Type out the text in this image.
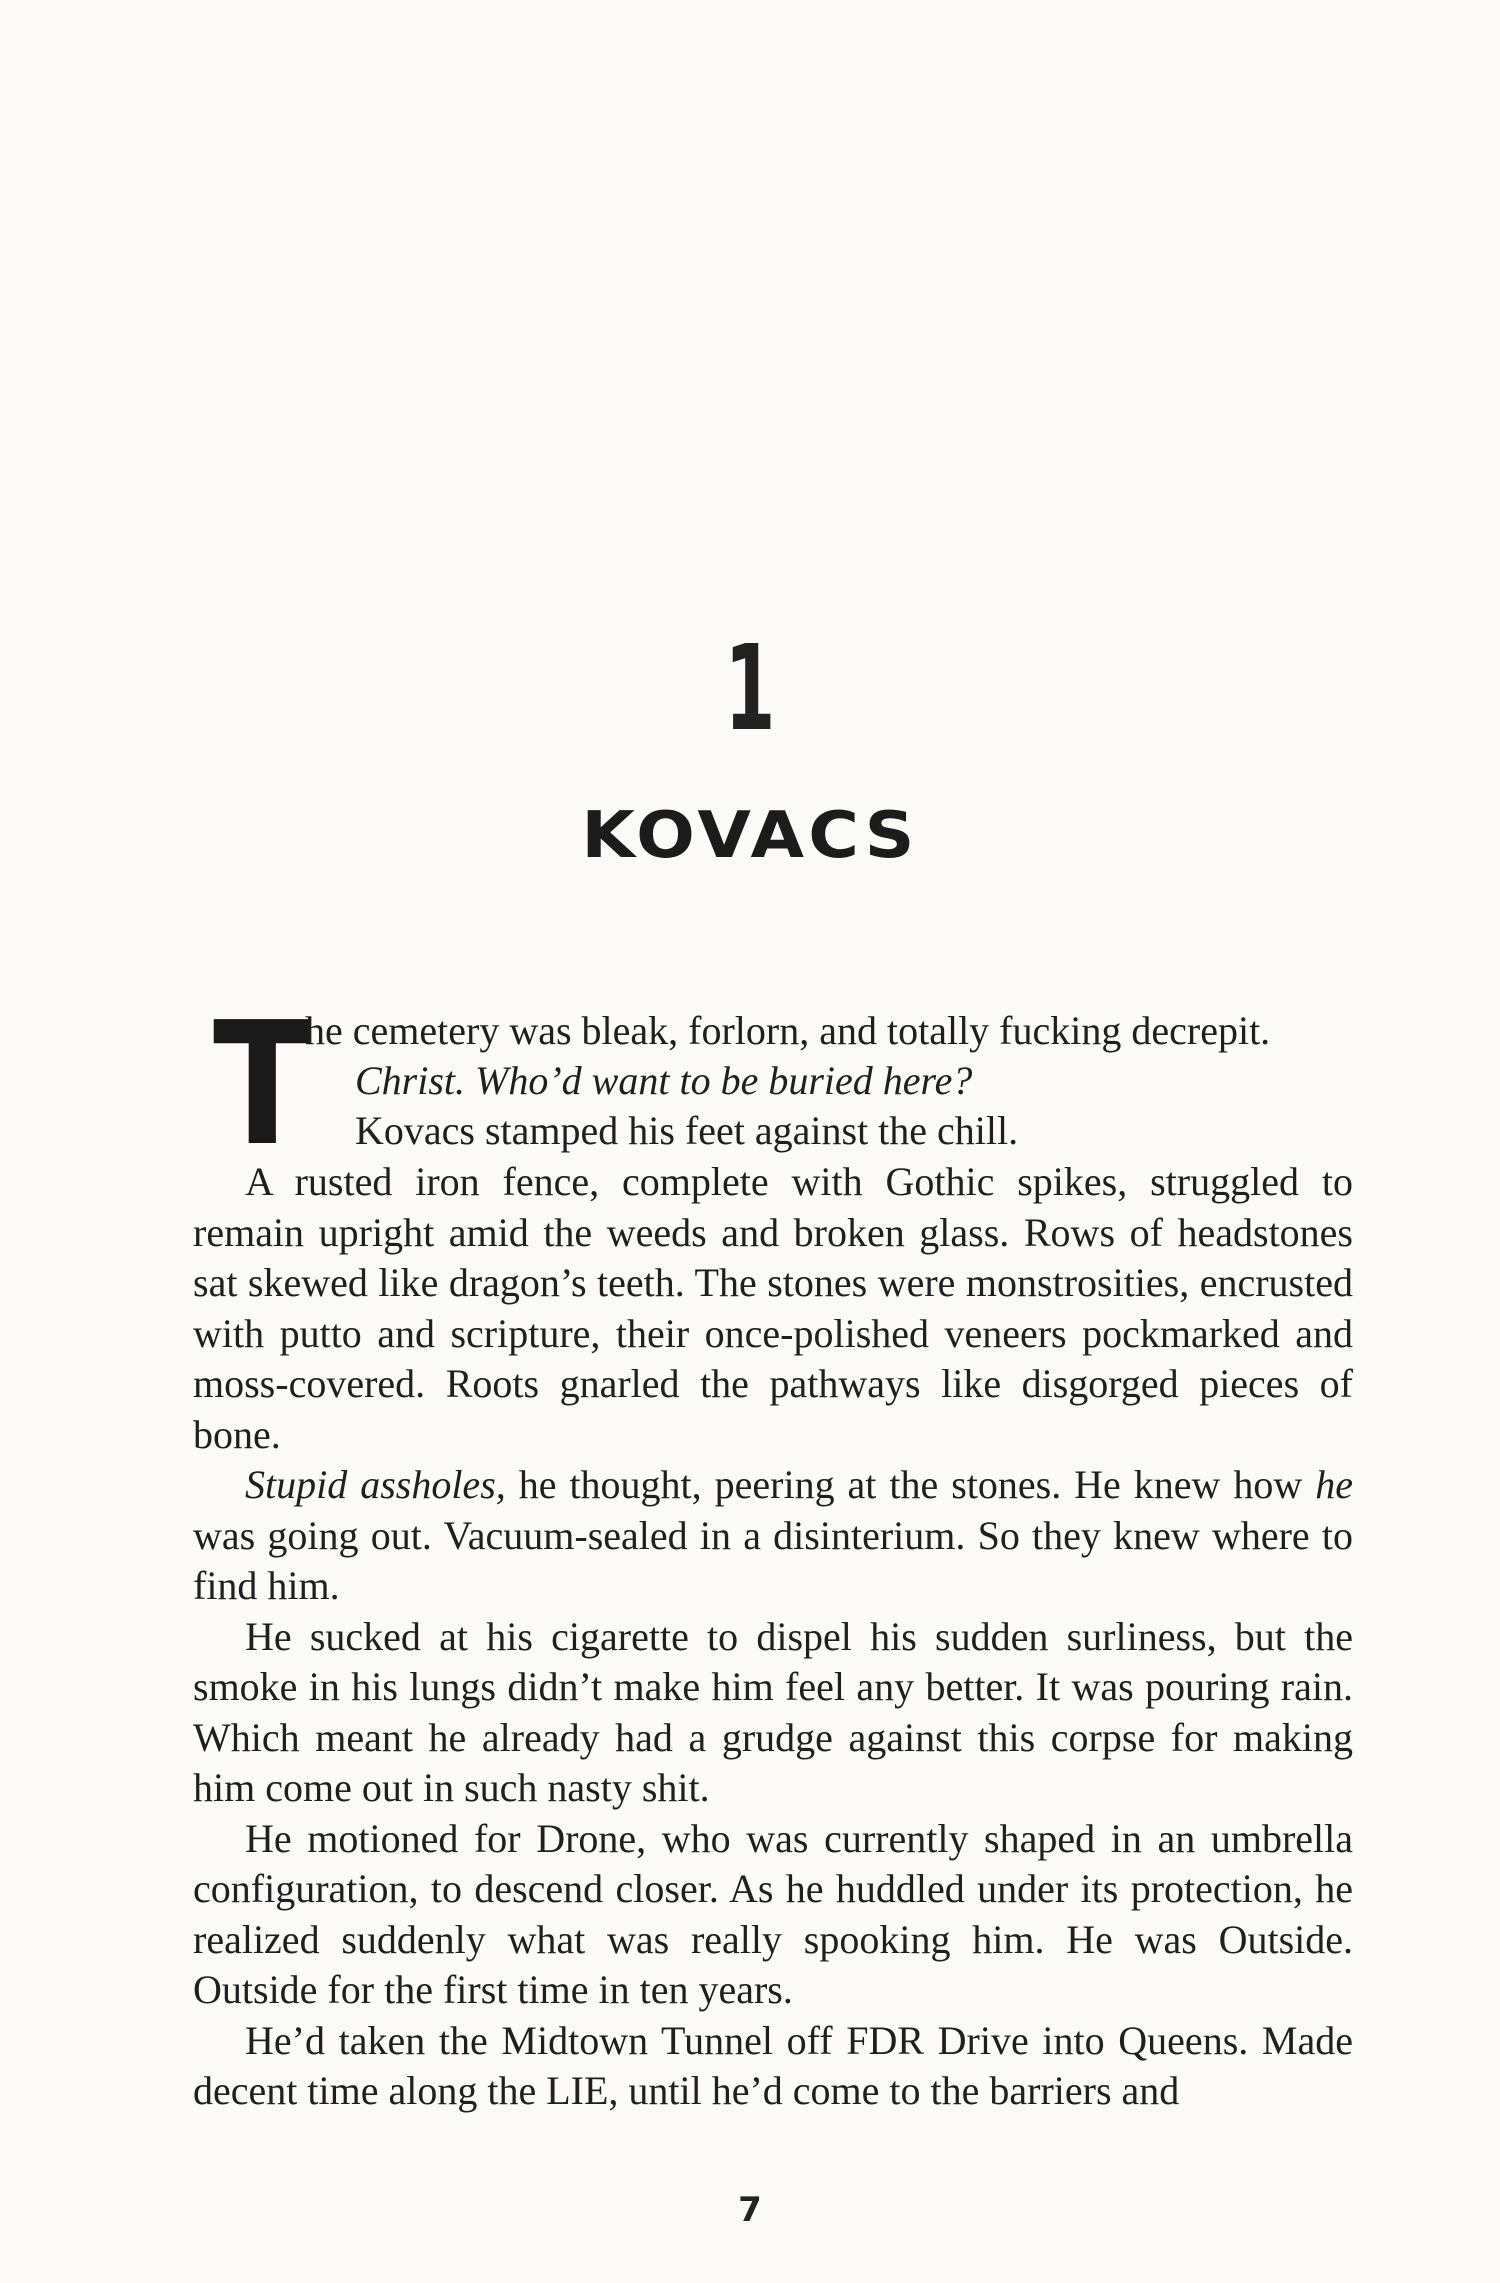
1
KOVACS
T
he cemetery was bleak, forlorn, and totally fucking decrepit.
Christ. Who’d want to be buried here?
Kovacs stamped his feet against the chill.

A rusted iron fence, complete with Gothic spikes, struggled to remain upright amid the weeds and broken glass. Rows of headstones sat skewed like dragon’s teeth. The stones were monstrosities, encrusted with putto and scripture, their once-polished veneers pockmarked and moss-covered. Roots gnarled the pathways like disgorged pieces of bone.

Stupid assholes, he thought, peering at the stones. He knew how he was going out. Vacuum-sealed in a disinterium. So they knew where to find him.

He sucked at his cigarette to dispel his sudden surliness, but the smoke in his lungs didn’t make him feel any better. It was pouring rain. Which meant he already had a grudge against this corpse for making him come out in such nasty shit.

He motioned for Drone, who was currently shaped in an umbrella configuration, to descend closer. As he huddled under its protection, he realized suddenly what was really spooking him. He was Outside. Outside for the first time in ten years.

He’d taken the Midtown Tunnel off FDR Drive into Queens. Made decent time along the LIE, until he’d come to the barriers and

7
